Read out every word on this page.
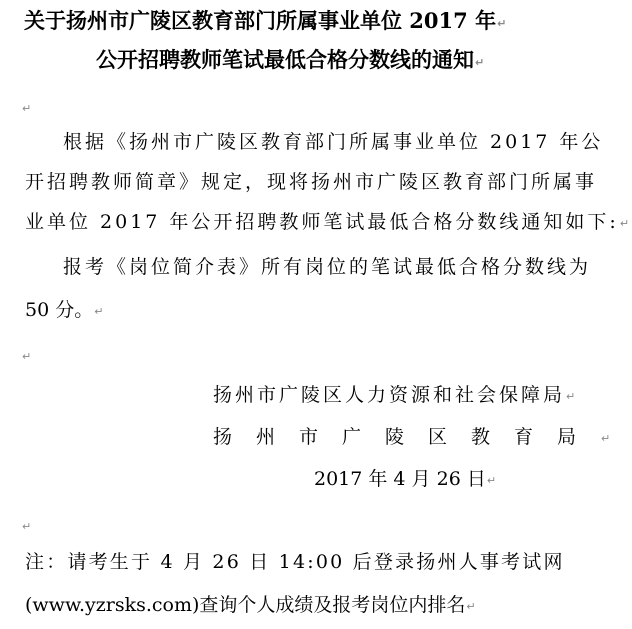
关于扬州市广陵区教育部门所属事业单位 2017 年↵
公开招聘教师笔试最低合格分数线的通知↵
↵
根据《扬州市广陵区教育部门所属事业单位 2017 年公
开招聘教师简章》规定，现将扬州市广陵区教育部门所属事
业单位 2017 年公开招聘教师笔试最低合格分数线通知如下:↵
报考《岗位简介表》所有岗位的笔试最低合格分数线为
50 分。↵
↵
扬州市广陵区人力资源和社会保障局↵
扬州市广陵区教育局↵
2017 年 4 月 26 日↵
↵
注：请考生于 4 月 26 日 14:00 后登录扬州人事考试网
(www.yzrsks.com)查询个人成绩及报考岗位内排名↵
